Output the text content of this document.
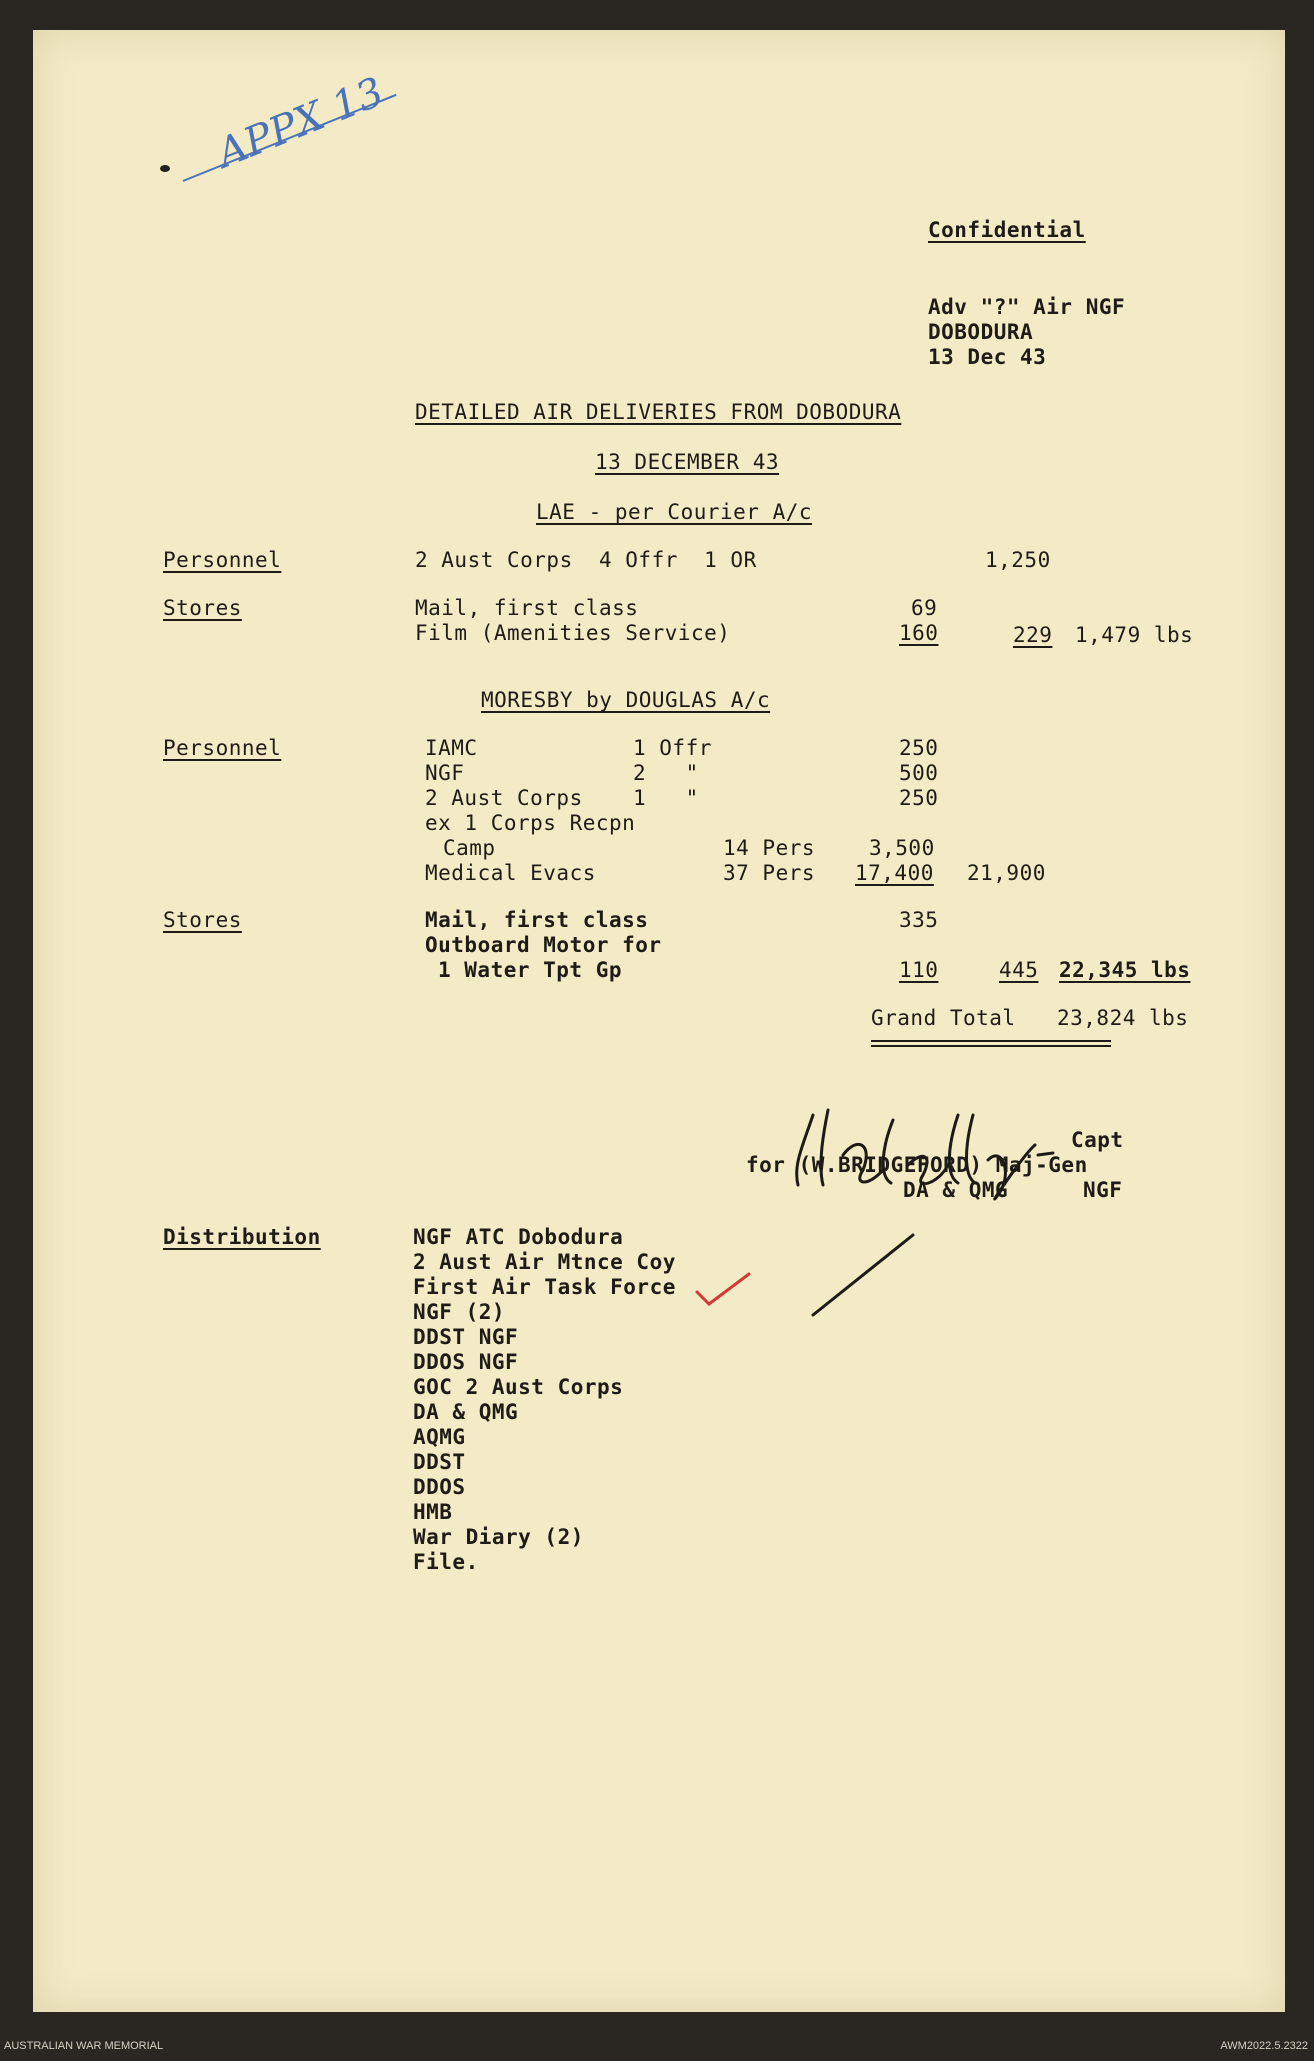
APPX 13
Confidential
Adv "?" Air NGF
DOBODURA
13 Dec 43
DETAILED AIR DELIVERIES FROM DOBODURA
13 DECEMBER 43
LAE - per Courier A/c
Personnel	2 Aust Corps  4 Offr  1 OR	1,250
Stores	Mail, first class	69
Film (Amenities Service)	160	229 1,479 lbs
MORESBY by DOUGLAS A/c
Personnel	IAMC	1 Offr	250
NGF	2   "	500
2 Aust Corps 1   "	250
ex 1 Corps Recpn
Camp	14 Pers	3,500
Medical Evacs	37 Pers 17,400 21,900
Stores	Mail, first class	335
Outboard Motor for
1 Water Tpt Gp	110	445 22,345 lbs
Grand Total 23,824 lbs
Capt
for (W.BRIDGEFORD) Maj-Gen
DA & QMG	NGF
Distribution	NGF ATC Dobodura
2 Aust Air Mtnce Coy
First Air Task Force
NGF (2)
DDST NGF
DDOS NGF
GOC 2 Aust Corps
DA & QMG
AQMG
DDST
DDOS
HMB
War Diary (2)
File.
AUSTRALIAN WAR MEMORIAL	AWM2022.5.2322
